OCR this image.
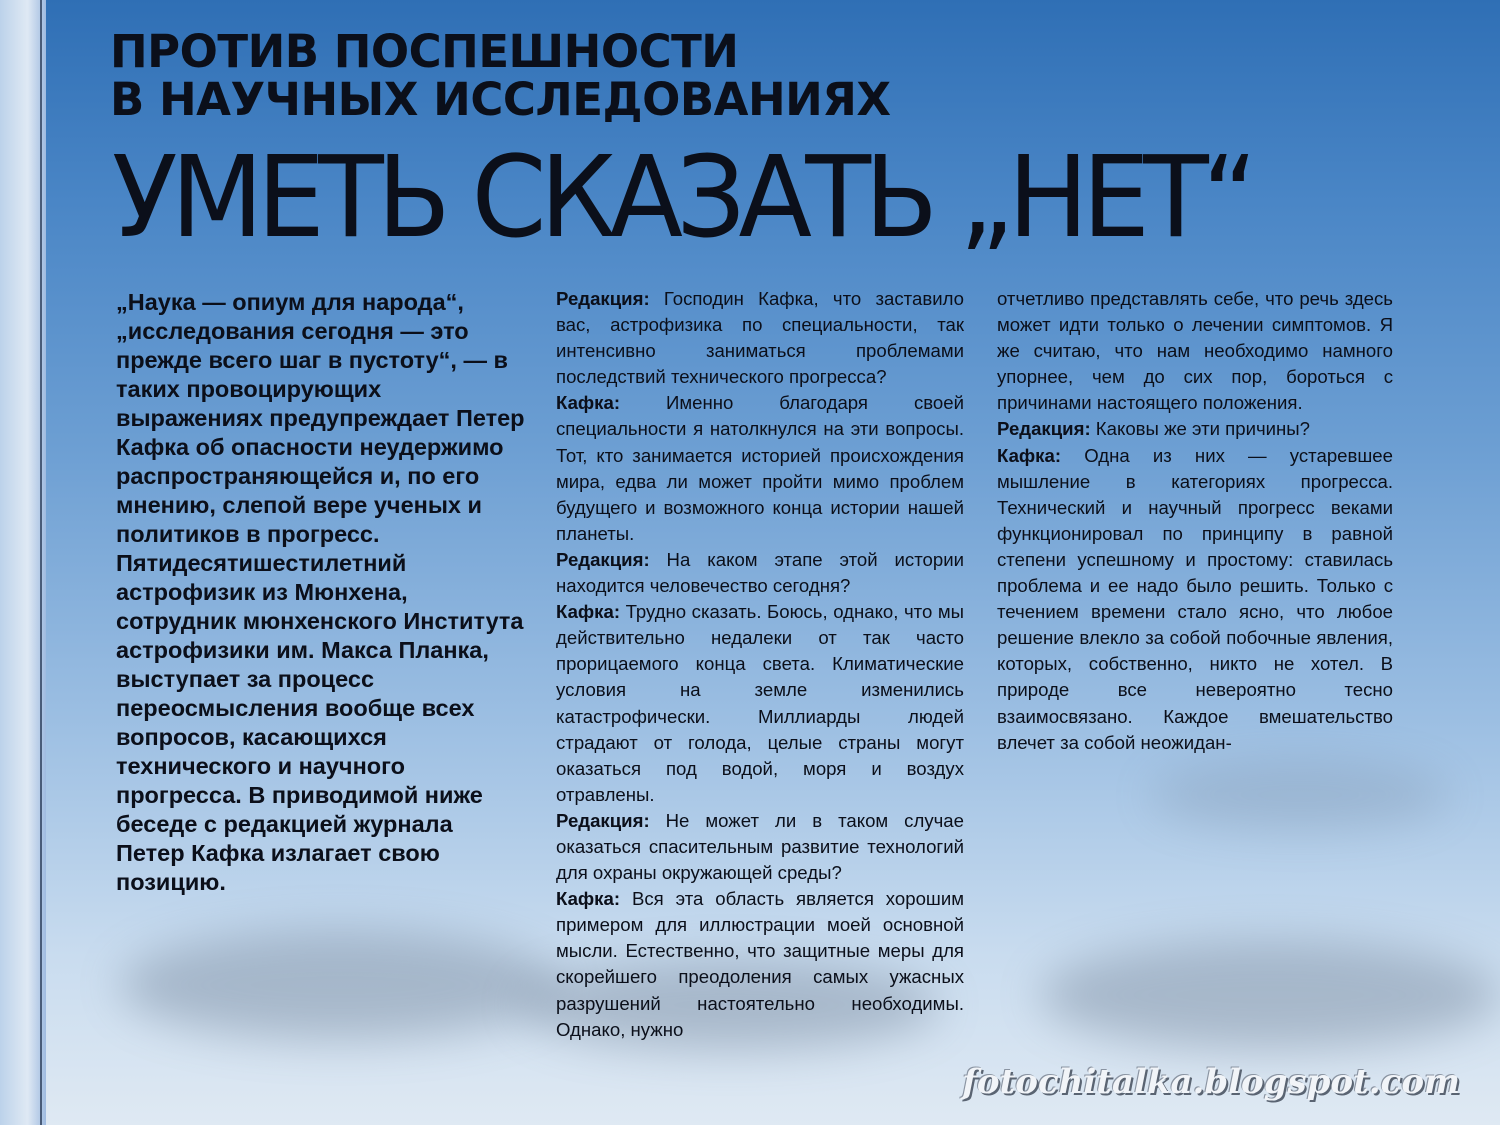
ПРОТИВ ПОСПЕШНОСТИ
В НАУЧНЫХ ИССЛЕДОВАНИЯХ
УМЕТЬ СКАЗАТЬ „НЕТ“

„Наука — опиум для народа“, „исследования сегодня — это прежде всего шаг в пустоту“, — в таких провоцирующих выражениях предупреждает Петер Кафка об опасности неудержимо распространяющейся и, по его мнению, слепой вере ученых и политиков в прогресс. Пятидесятишестилетний астрофизик из Мюнхена, сотрудник мюнхенского Института астрофизики им. Макса Планка, выступает за процесс переосмысления вообще всех вопросов, касающихся технического и научного прогресса. В приводимой ниже беседе с редакцией журнала Петер Кафка излагает свою позицию.

Редакция: Господин Кафка, что заставило вас, астрофизика по специальности, так интенсивно заниматься проблемами последствий технического прогресса?

Кафка: Именно благодаря своей специальности я натолкнулся на эти вопросы. Тот, кто занимается историей происхождения мира, едва ли может пройти мимо проблем будущего и возможного конца истории нашей планеты.

Редакция: На каком этапе этой истории находится человечество сегодня?

Кафка: Трудно сказать. Боюсь, однако, что мы действительно недалеки от так часто прорицаемого конца света. Климатические условия на земле изменились катастрофически. Миллиарды людей страдают от голода, целые страны могут оказаться под водой, моря и воздух отравлены.

Редакция: Не может ли в таком случае оказаться спасительным развитие технологий для охраны окружающей среды?

Кафка: Вся эта область является хорошим примером для иллюстрации моей основной мысли. Естественно, что защитные меры для скорейшего преодоления самых ужасных разрушений настоятельно необходимы. Однако, нужно

отчетливо представлять себе, что речь здесь может идти только о лечении симптомов. Я же считаю, что нам необходимо намного упорнее, чем до сих пор, бороться с причинами настоящего положения.

Редакция: Каковы же эти причины?

Кафка: Одна из них — устаревшее мышление в категориях прогресса. Технический и научный прогресс веками функционировал по принципу в равной степени успешному и простому: ставилась проблема и ее надо было решить. Только с течением времени стало ясно, что любое решение влекло за собой побочные явления, которых, собственно, никто не хотел. В природе все невероятно тесно взаимосвязано. Каждое вмешательство влечет за собой неожидан-

fotochitalka.blogspot.com
